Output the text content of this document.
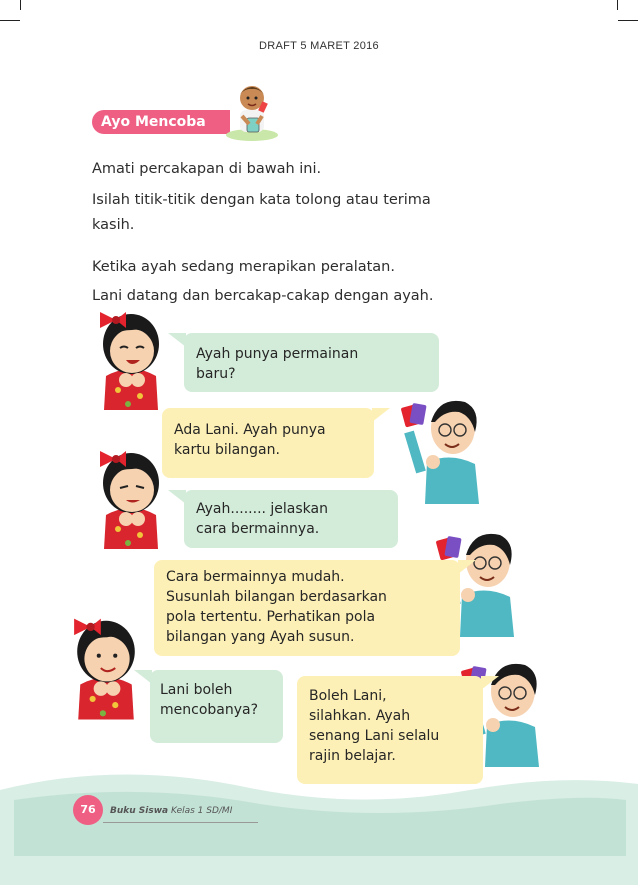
DRAFT 5 MARET 2016
Ayo Mencoba
Amati percakapan di bawah ini.
Isilah titik-titik dengan kata tolong atau terima
kasih.
Ketika ayah sedang merapikan peralatan.
Lani datang dan bercakap-cakap dengan ayah.
Ayah punya permainan
baru?
Ada Lani. Ayah punya
kartu bilangan.
Ayah........ jelaskan
cara bermainnya.
Cara bermainnya mudah.
Susunlah bilangan berdasarkan
pola tertentu. Perhatikan pola
bilangan yang Ayah susun.
Lani boleh
mencobanya?
Boleh Lani,
silahkan. Ayah
senang Lani selalu
rajin belajar.
76	Buku Siswa Kelas 1 SD/MI
